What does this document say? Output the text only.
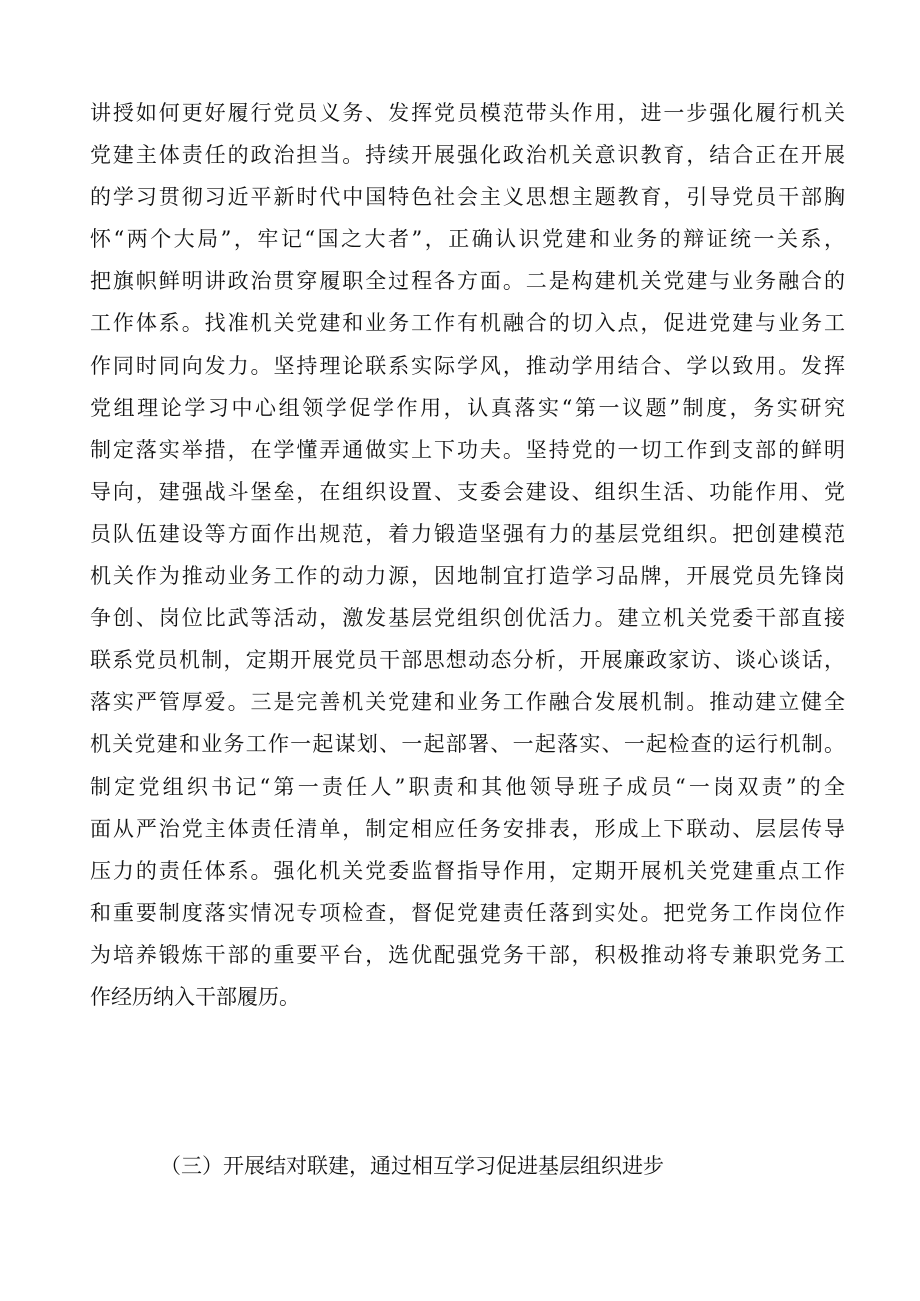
讲授如何更好履行党员义务、发挥党员模范带头作用，进一步强化履行机关
党建主体责任的政治担当。持续开展强化政治机关意识教育，结合正在开展
的学习贯彻习近平新时代中国特色社会主义思想主题教育，引导党员干部胸
怀“两个大局”，牢记“国之大者”，正确认识党建和业务的辩证统一关系，
把旗帜鲜明讲政治贯穿履职全过程各方面。二是构建机关党建与业务融合的
工作体系。找准机关党建和业务工作有机融合的切入点，促进党建与业务工
作同时同向发力。坚持理论联系实际学风，推动学用结合、学以致用。发挥
党组理论学习中心组领学促学作用，认真落实“第一议题”制度，务实研究
制定落实举措，在学懂弄通做实上下功夫。坚持党的一切工作到支部的鲜明
导向，建强战斗堡垒，在组织设置、支委会建设、组织生活、功能作用、党
员队伍建设等方面作出规范，着力锻造坚强有力的基层党组织。把创建模范
机关作为推动业务工作的动力源，因地制宜打造学习品牌，开展党员先锋岗
争创、岗位比武等活动，激发基层党组织创优活力。建立机关党委干部直接
联系党员机制，定期开展党员干部思想动态分析，开展廉政家访、谈心谈话，
落实严管厚爱。三是完善机关党建和业务工作融合发展机制。推动建立健全
机关党建和业务工作一起谋划、一起部署、一起落实、一起检查的运行机制。
制定党组织书记“第一责任人”职责和其他领导班子成员“一岗双责”的全
面从严治党主体责任清单，制定相应任务安排表，形成上下联动、层层传导
压力的责任体系。强化机关党委监督指导作用，定期开展机关党建重点工作
和重要制度落实情况专项检查，督促党建责任落到实处。把党务工作岗位作
为培养锻炼干部的重要平台，选优配强党务干部，积极推动将专兼职党务工
作经历纳入干部履历。
（三）开展结对联建，通过相互学习促进基层组织进步
